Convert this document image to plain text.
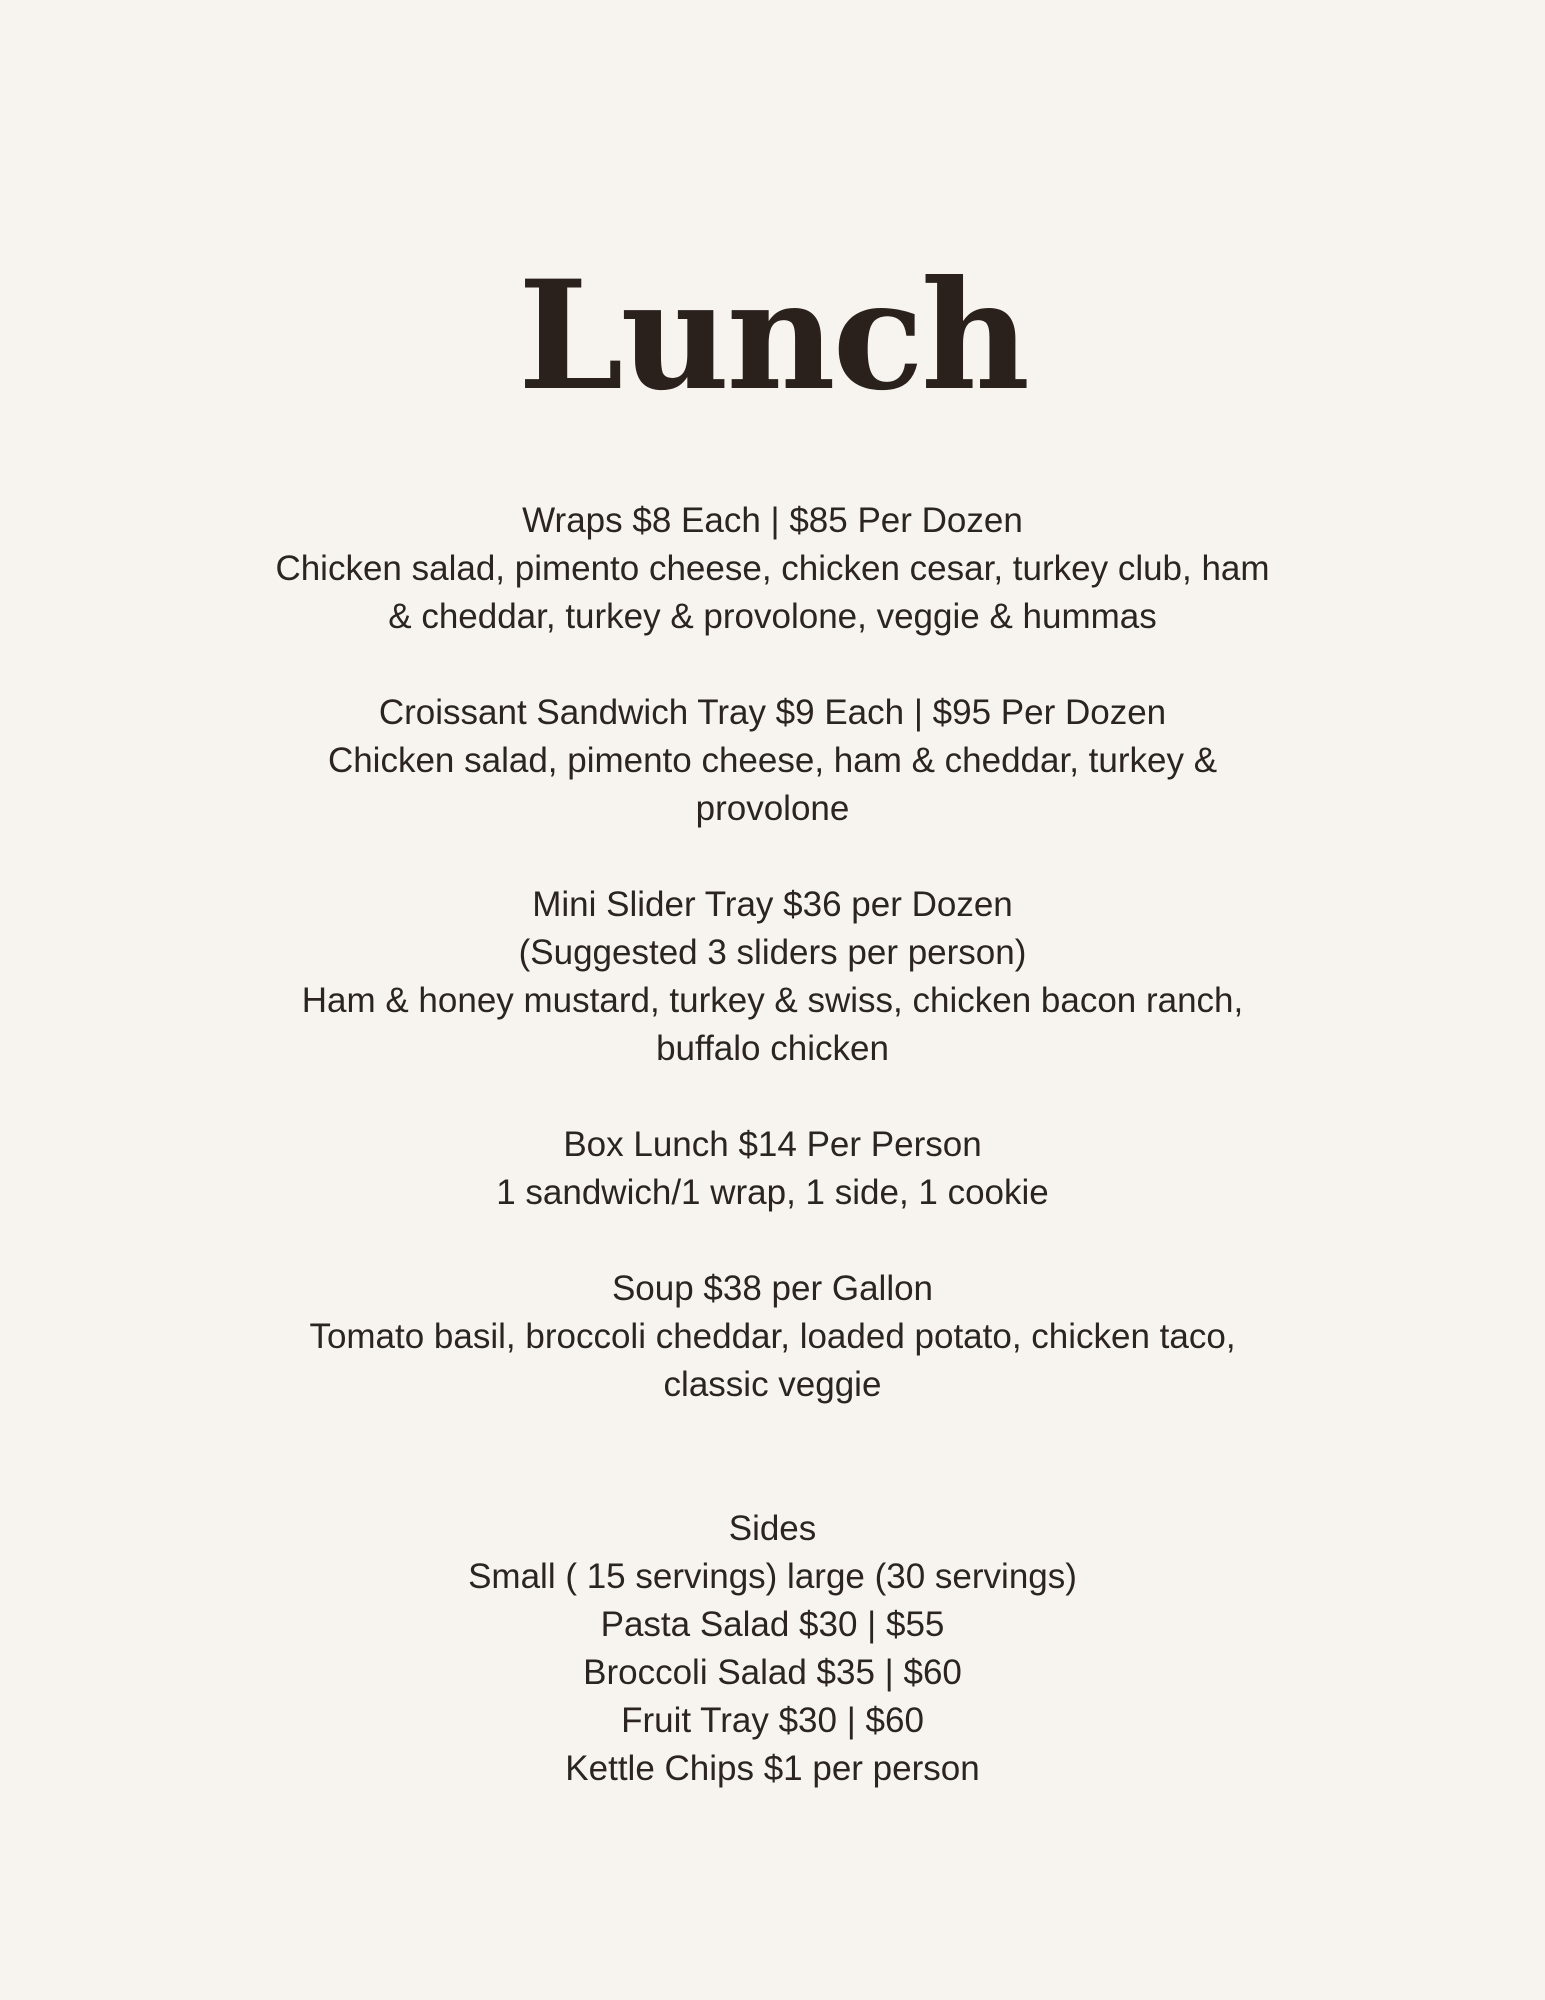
Lunch
Wraps $8 Each | $85 Per Dozen
Chicken salad, pimento cheese, chicken cesar, turkey club, ham
& cheddar, turkey & provolone, veggie & hummas
Croissant Sandwich Tray $9 Each | $95 Per Dozen
Chicken salad, pimento cheese, ham & cheddar, turkey &
provolone
Mini Slider Tray $36 per Dozen
(Suggested 3 sliders per person)
Ham & honey mustard, turkey & swiss, chicken bacon ranch,
buffalo chicken
Box Lunch $14 Per Person
1 sandwich/1 wrap, 1 side, 1 cookie
Soup $38 per Gallon
Tomato basil, broccoli cheddar, loaded potato, chicken taco,
classic veggie
Sides
Small ( 15 servings) large (30 servings)
Pasta Salad $30 | $55
Broccoli Salad $35 | $60
Fruit Tray $30 | $60
Kettle Chips $1 per person
